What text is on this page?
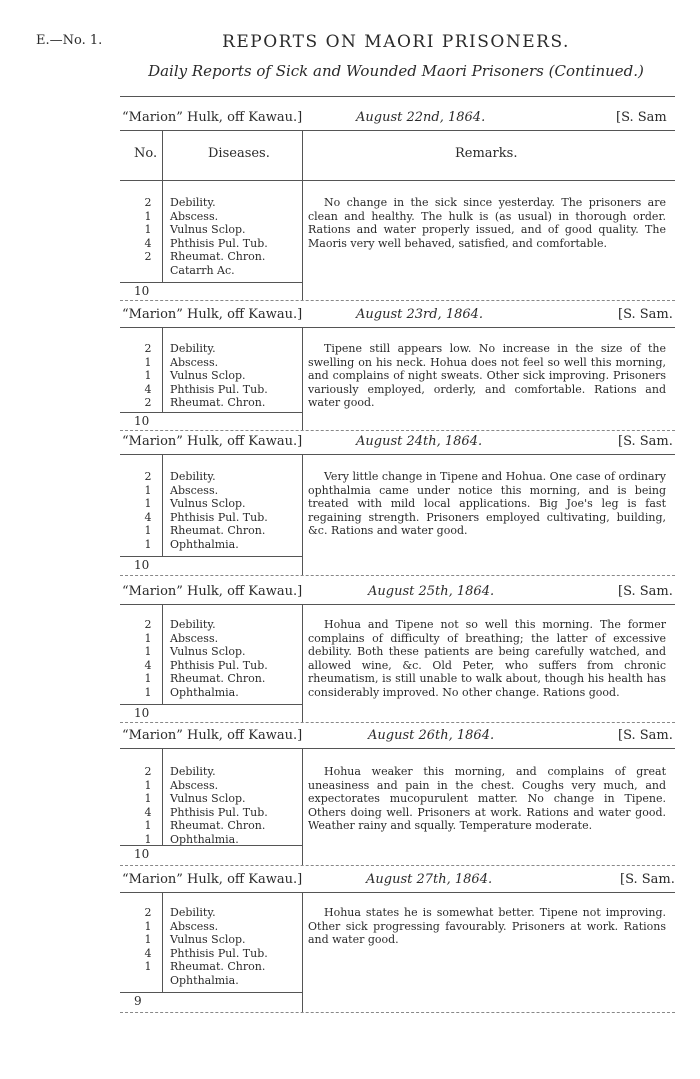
E.—No. 1.	REPORTS ON MAORI PRISONERS.
Daily Reports of Sick and Wounded Maori Prisoners (Continued.)
“Marion” Hulk, off Kawau.]	August 22nd, 1864.	[S. Sam
No.	Diseases.	Remarks.
2	Debility.
1	Abscess.
1	Vulnus Sclop.
4	Phthisis Pul. Tub.
2	Rheumat. Chron.
Catarrh Ac.
No change in the sick since yesterday. The prisoners are clean and healthy. The hulk is (as usual) in thorough order. Rations and water properly issued, and of good quality. The Maoris very well behaved, satisfied, and comfortable.
10
“Marion” Hulk, off Kawau.]	August 23rd, 1864.	[S. Sam.
2	Debility.
1	Abscess.
1	Vulnus Sclop.
4	Phthisis Pul. Tub.
2	Rheumat. Chron.
Tipene still appears low. No increase in the size of the swelling on his neck. Hohua does not feel so well this morning, and complains of night sweats. Other sick improving. Prisoners variously employed, orderly, and comfortable. Rations and water good.
10
“Marion” Hulk, off Kawau.]	August 24th, 1864.	[S. Sam.
2	Debility.
1	Abscess.
1	Vulnus Sclop.
4	Phthisis Pul. Tub.
1	Rheumat. Chron.
1	Ophthalmia.
Very little change in Tipene and Hohua. One case of ordinary ophthalmia came under notice this morning, and is being treated with mild local applications. Big Joe's leg is fast regaining strength. Prisoners employed cultivating, building, &c. Rations and water good.
10
“Marion” Hulk, off Kawau.]	August 25th, 1864.	[S. Sam.
2	Debility.
1	Abscess.
1	Vulnus Sclop.
4	Phthisis Pul. Tub.
1	Rheumat. Chron.
1	Ophthalmia.
Hohua and Tipene not so well this morning. The former complains of difficulty of breathing; the latter of excessive debility. Both these patients are being carefully watched, and allowed wine, &c. Old Peter, who suffers from chronic rheumatism, is still unable to walk about, though his health has considerably improved. No other change. Rations good.
10
“Marion” Hulk, off Kawau.]	August 26th, 1864.	[S. Sam.
2	Debility.
1	Abscess.
1	Vulnus Sclop.
4	Phthisis Pul. Tub.
1	Rheumat. Chron.
1	Ophthalmia.
Hohua weaker this morning, and complains of great uneasiness and pain in the chest. Coughs very much, and expectorates mucopurulent matter. No change in Tipene. Others doing well. Prisoners at work. Rations and water good. Weather rainy and squally. Temperature moderate.
10
“Marion” Hulk, off Kawau.]	August 27th, 1864.	[S. Sam.
2	Debility.
1	Abscess.
1	Vulnus Sclop.
4	Phthisis Pul. Tub.
1	Rheumat. Chron.
Ophthalmia.
Hohua states he is somewhat better. Tipene not improving. Other sick progressing favourably. Prisoners at work. Rations and water good.
9
